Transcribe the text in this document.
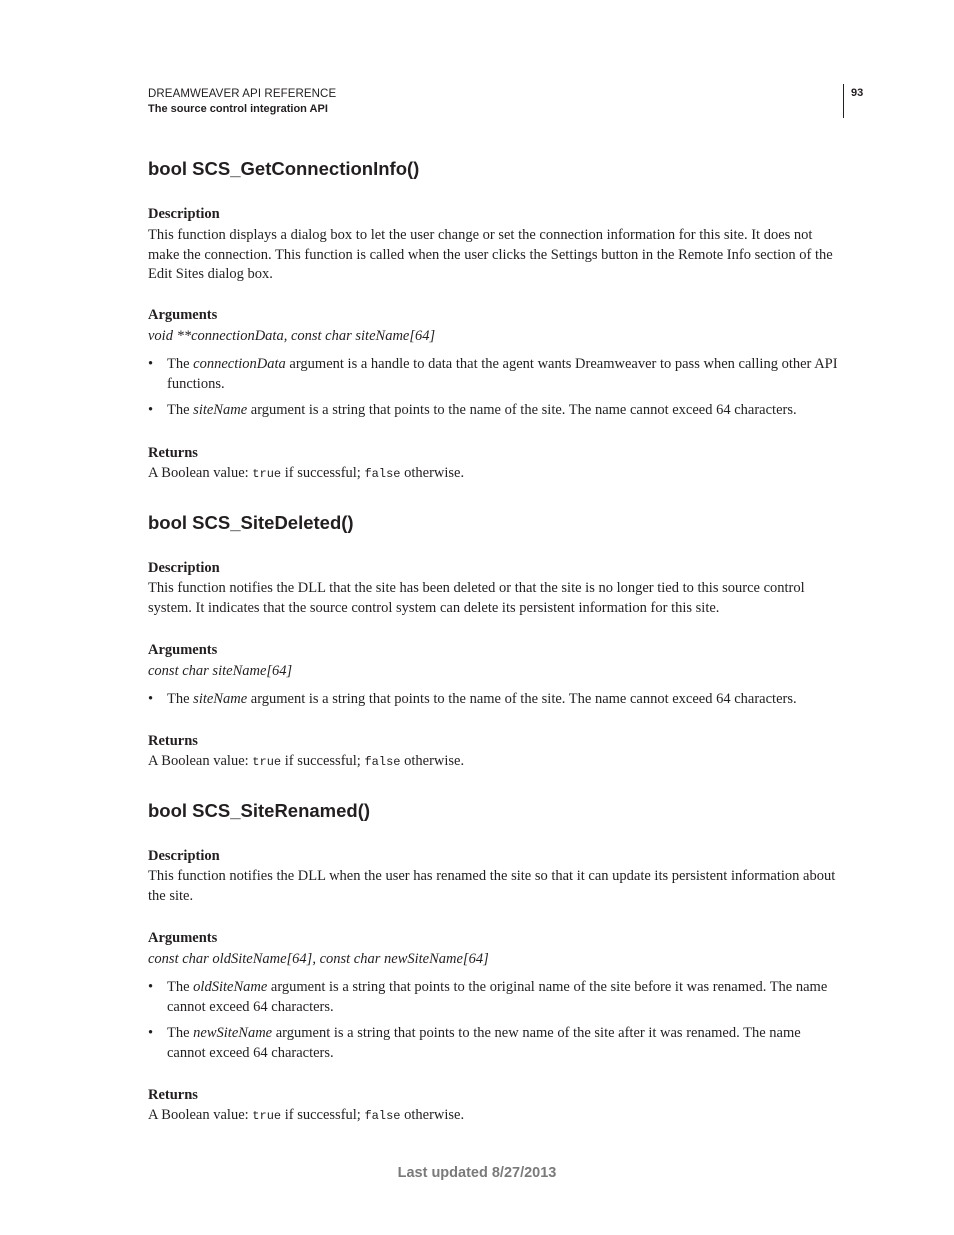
DREAMWEAVER API REFERENCE
The source control integration API
93
bool SCS_GetConnectionInfo()
Description
This function displays a dialog box to let the user change or set the connection information for this site. It does not make the connection. This function is called when the user clicks the Settings button in the Remote Info section of the Edit Sites dialog box.
Arguments
void **connectionData, const char siteName[64]
• The connectionData argument is a handle to data that the agent wants Dreamweaver to pass when calling other API functions.
• The siteName argument is a string that points to the name of the site. The name cannot exceed 64 characters.
Returns
A Boolean value: true if successful; false otherwise.
bool SCS_SiteDeleted()
Description
This function notifies the DLL that the site has been deleted or that the site is no longer tied to this source control system. It indicates that the source control system can delete its persistent information for this site.
Arguments
const char siteName[64]
• The siteName argument is a string that points to the name of the site. The name cannot exceed 64 characters.
Returns
A Boolean value: true if successful; false otherwise.
bool SCS_SiteRenamed()
Description
This function notifies the DLL when the user has renamed the site so that it can update its persistent information about the site.
Arguments
const char oldSiteName[64], const char newSiteName[64]
• The oldSiteName argument is a string that points to the original name of the site before it was renamed. The name cannot exceed 64 characters.
• The newSiteName argument is a string that points to the new name of the site after it was renamed. The name cannot exceed 64 characters.
Returns
A Boolean value: true if successful; false otherwise.
Last updated 8/27/2013
